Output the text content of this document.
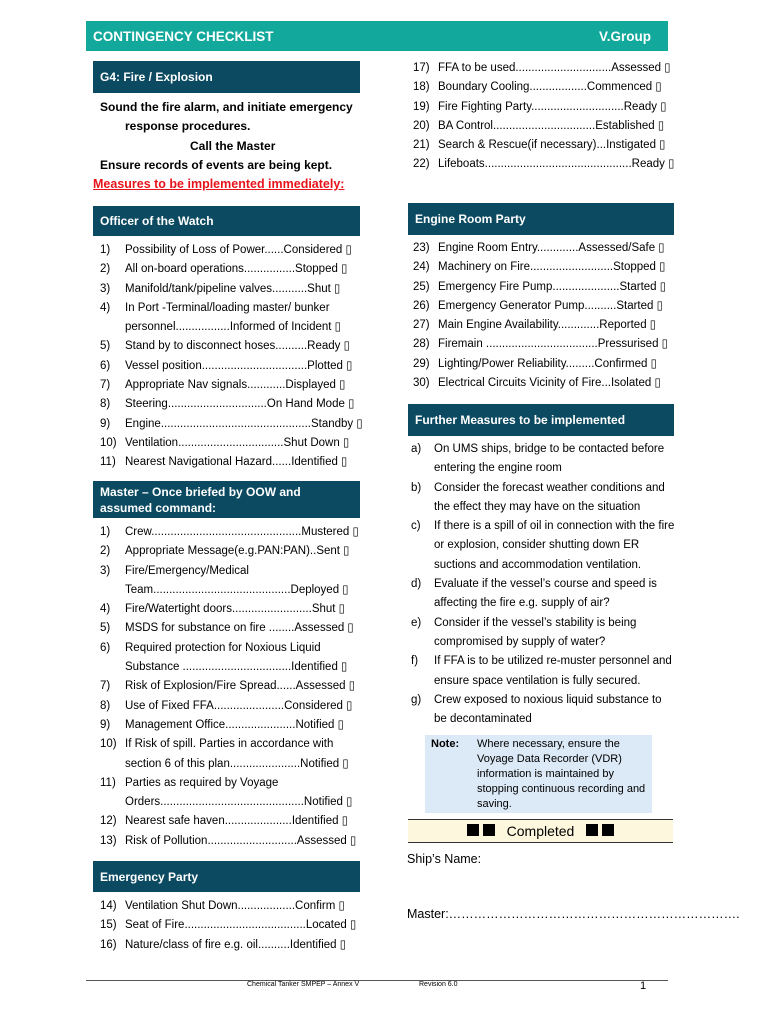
CONTINGENCY CHECKLIST	V.Group
G4: Fire / Explosion
Sound the fire alarm, and initiate emergency
response procedures.
Call the Master
Ensure records of events are being kept.
Measures to be implemented immediately:
Officer of the Watch
1)	Possibility of Loss of Power......Considered ▯
2)	All on-board operations................Stopped ▯
3)	Manifold/tank/pipeline valves...........Shut ▯
4)	In Port -Terminal/loading master/ bunker
personnel.................Informed of Incident ▯
5)	Stand by to disconnect hoses..........Ready ▯
6)	Vessel position.................................Plotted ▯
7)	Appropriate Nav signals............Displayed ▯
8)	Steering...............................On Hand Mode ▯
9)	Engine...............................................Standby ▯
10) Ventilation.................................Shut Down ▯
11) Nearest Navigational Hazard......Identified ▯
Master – Once briefed by OOW and assumed command:
1)	Crew...............................................Mustered ▯
2)	Appropriate Message(e.g.PAN:PAN)..Sent ▯
3)	Fire/Emergency/Medical
Team...........................................Deployed ▯
4)	Fire/Watertight doors.........................Shut ▯
5)	MSDS for substance on fire ........Assessed ▯
6)	Required protection for Noxious Liquid
Substance ..................................Identified ▯
7)	Risk of Explosion/Fire Spread......Assessed ▯
8)	Use of Fixed FFA......................Considered ▯
9)	Management Office......................Notified ▯
10) If Risk of spill. Parties in accordance with
section 6 of this plan......................Notified ▯
11) Parties as required by Voyage
Orders.............................................Notified ▯
12) Nearest safe haven.....................Identified ▯
13) Risk of Pollution............................Assessed ▯
Emergency Party
14) Ventilation Shut Down..................Confirm ▯
15) Seat of Fire......................................Located ▯
16) Nature/class of fire e.g. oil..........Identified ▯
17) FFA to be used..............................Assessed ▯
18) Boundary Cooling..................Commenced ▯
19) Fire Fighting Party.............................Ready ▯
20) BA Control................................Established ▯
21) Search & Rescue(if necessary)...Instigated ▯
22) Lifeboats..............................................Ready ▯
Engine Room Party
23) Engine Room Entry.............Assessed/Safe ▯
24) Machinery on Fire..........................Stopped ▯
25) Emergency Fire Pump.....................Started ▯
26) Emergency Generator Pump..........Started ▯
27) Main Engine Availability.............Reported ▯
28) Firemain ...................................Pressurised ▯
29) Lighting/Power Reliability.........Confirmed ▯
30) Electrical Circuits Vicinity of Fire...Isolated ▯
Further Measures to be implemented
a)	On UMS ships, bridge to be contacted before entering the engine room
b)	Consider the forecast weather conditions and the effect they may have on the situation
c)	If there is a spill of oil in connection with the fire or explosion, consider shutting down ER suctions and accommodation ventilation.
d)	Evaluate if the vessel’s course and speed is affecting the fire e.g. supply of air?
e)	Consider if the vessel’s stability is being compromised by supply of water?
f)	If FFA is to be utilized re-muster personnel and ensure space ventilation is fully secured.
g)	Crew exposed to noxious liquid substance to be decontaminated
Note:	Where necessary, ensure the Voyage Data Recorder (VDR) information is maintained by stopping continuous recording and saving.
Completed
Ship’s Name:
Master:…………………………………………………………….
Chemical Tanker SMPEP – Annex V	Revision 6.0	1
